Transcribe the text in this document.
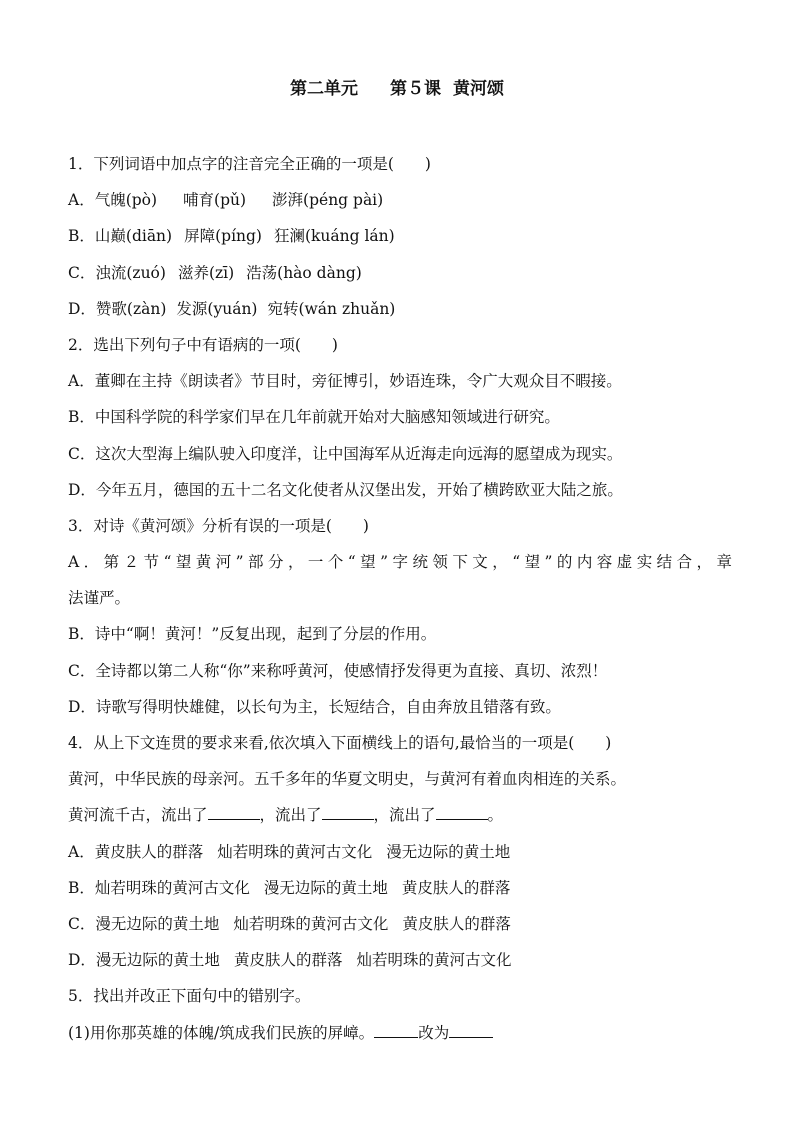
第二单元 第５课 黄河颂
1．下列词语中加点字的注音完全正确的一项是(　　)
A．气魄(pò) 哺育(pǔ) 澎湃(péng pài)
B．山巅(diān) 屏障(píng) 狂澜(kuáng lán)
C．浊流(zuó) 滋养(zī) 浩荡(hào dàng)
D．赞歌(zàn) 发源(yuán) 宛转(wán zhuǎn)
2．选出下列句子中有语病的一项(　　)
A．董卿在主持《朗读者》节目时，旁征博引，妙语连珠，令广大观众目不暇接。
B．中国科学院的科学家们早在几年前就开始对大脑感知领域进行研究。
C．这次大型海上编队驶入印度洋，让中国海军从近海走向远海的愿望成为现实。
D．今年五月，德国的五十二名文化使者从汉堡出发，开始了横跨欧亚大陆之旅。
3．对诗《黄河颂》分析有误的一项是(　　)
A．第２节“望黄河”部分，一个“望”字统领下文，“望”的内容虚实结合，章
法谨严。
B．诗中“啊！黄河！”反复出现，起到了分层的作用。
C．全诗都以第二人称“你”来称呼黄河，使感情抒发得更为直接、真切、浓烈！
D．诗歌写得明快雄健，以长句为主，长短结合，自由奔放且错落有致。
4．从上下文连贯的要求来看,依次填入下面横线上的语句,最恰当的一项是(　　)
黄河，中华民族的母亲河。五千多年的华夏文明史，与黄河有着血肉相连的关系。
黄河流千古，流出了	，流出了	，流出了	。
A．黄皮肤人的群落 灿若明珠的黄河古文化 漫无边际的黄土地
B．灿若明珠的黄河古文化 漫无边际的黄土地 黄皮肤人的群落
C．漫无边际的黄土地 灿若明珠的黄河古文化 黄皮肤人的群落
D．漫无边际的黄土地 黄皮肤人的群落 灿若明珠的黄河古文化
5．找出并改正下面句中的错别字。
(1)用你那英雄的体魄/筑成我们民族的屏嶂。	改为
